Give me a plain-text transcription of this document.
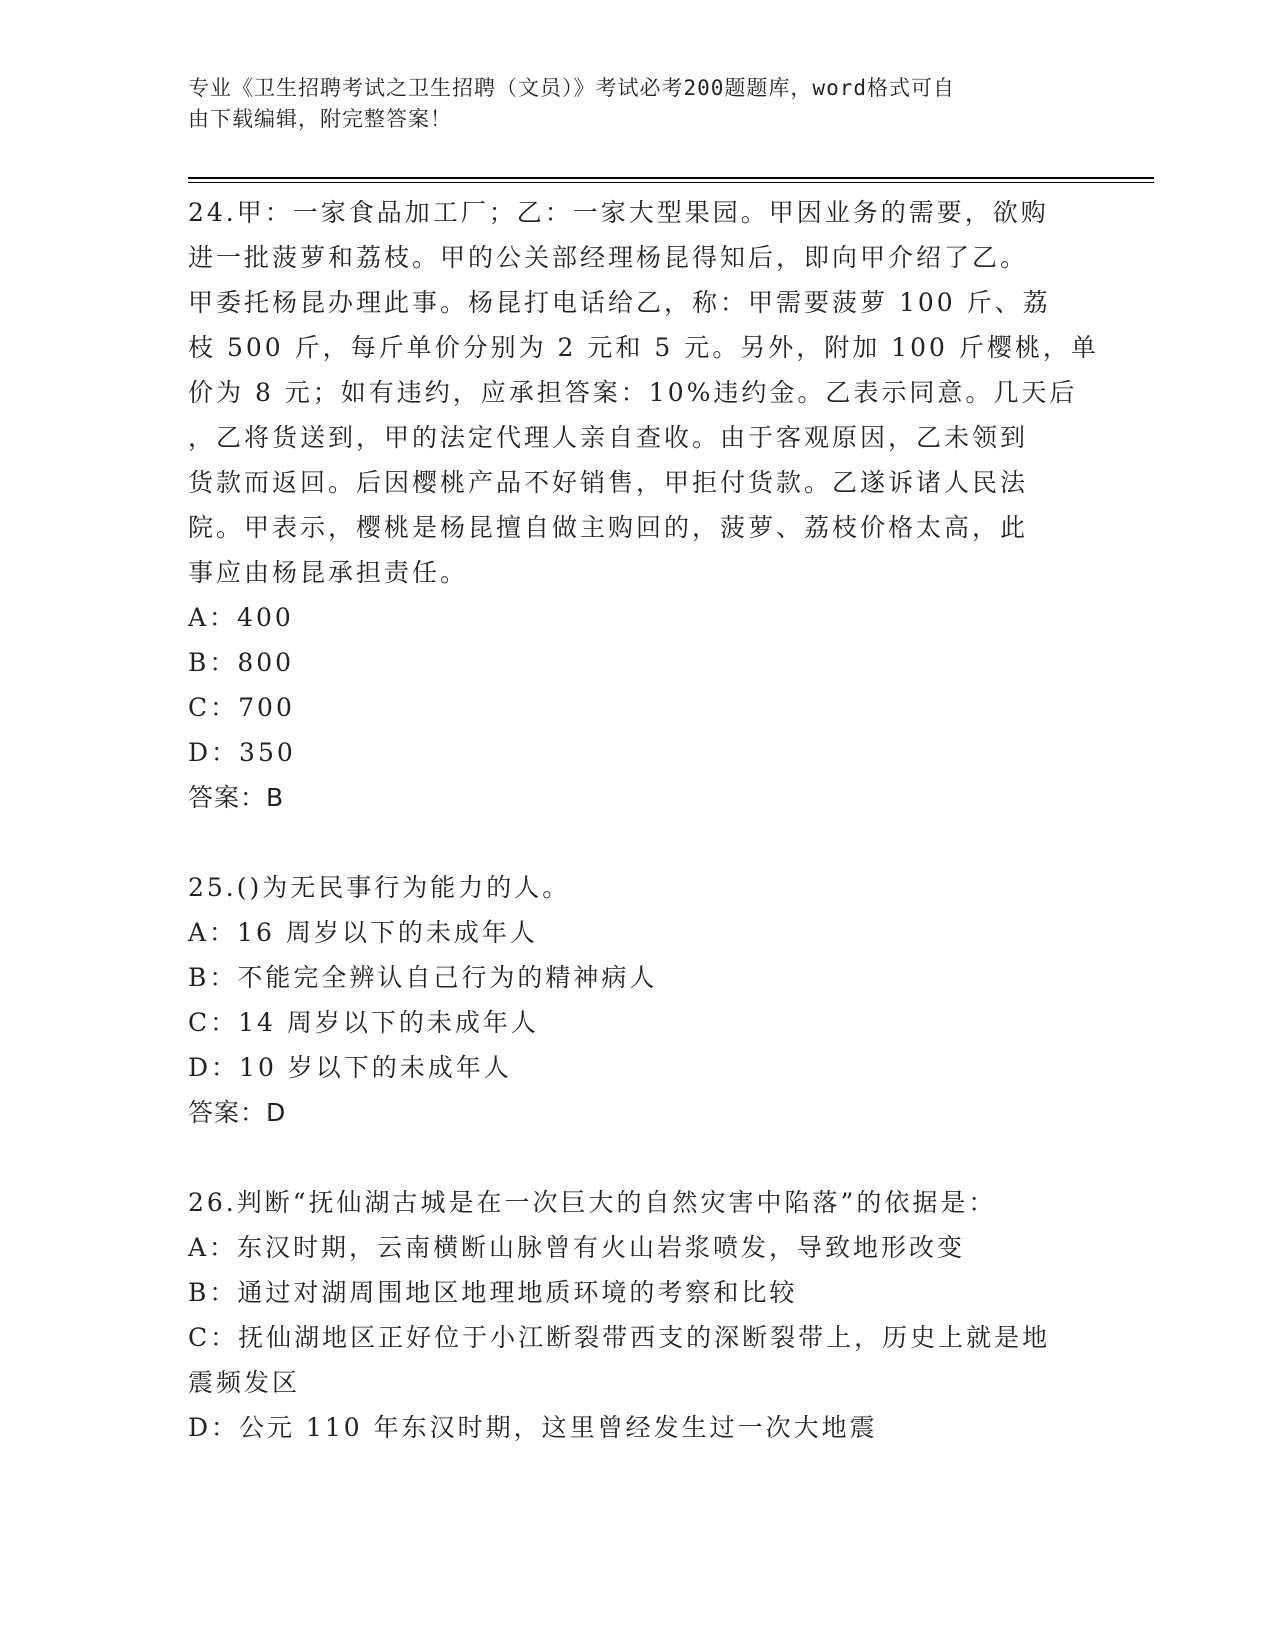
专业《卫生招聘考试之卫生招聘（文员）》考试必考200题题库，word格式可自
由下载编辑，附完整答案！
24.甲：一家食品加工厂；乙：一家大型果园。甲因业务的需要，欲购
进一批菠萝和荔枝。甲的公关部经理杨昆得知后，即向甲介绍了乙。
甲委托杨昆办理此事。杨昆打电话给乙，称：甲需要菠萝 100 斤、荔
枝 500 斤，每斤单价分别为 2 元和 5 元。另外，附加 100 斤樱桃，单
价为 8 元；如有违约，应承担答案：10%违约金。乙表示同意。几天后
，乙将货送到，甲的法定代理人亲自查收。由于客观原因，乙未领到
货款而返回。后因樱桃产品不好销售，甲拒付货款。乙遂诉诸人民法
院。甲表示，樱桃是杨昆擅自做主购回的，菠萝、荔枝价格太高，此
事应由杨昆承担责任。
A：400
B：800
C：700
D：350
答案：B
25.()为无民事行为能力的人。
A：16 周岁以下的未成年人
B：不能完全辨认自己行为的精神病人
C：14 周岁以下的未成年人
D：10 岁以下的未成年人
答案：D
26.判断“抚仙湖古城是在一次巨大的自然灾害中陷落”的依据是：
A：东汉时期，云南横断山脉曾有火山岩浆喷发，导致地形改变
B：通过对湖周围地区地理地质环境的考察和比较
C：抚仙湖地区正好位于小江断裂带西支的深断裂带上，历史上就是地
震频发区
D：公元 110 年东汉时期，这里曾经发生过一次大地震
